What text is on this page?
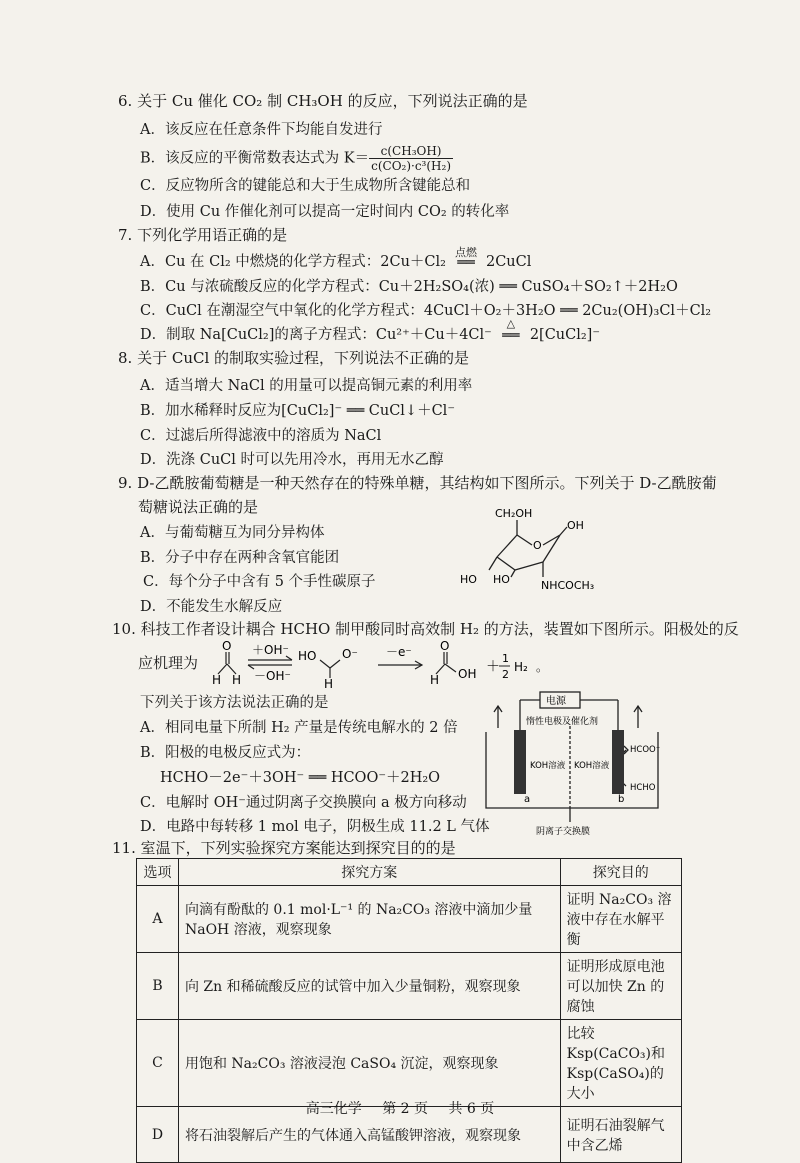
6. 关于 Cu 催化 CO₂ 制 CH₃OH 的反应，下列说法正确的是
A．该反应在任意条件下均能自发进行
B．该反应的平衡常数表达式为 $K= \frac{\text{c(CH₃OH)}}{\text{c(CO₂)·c³(H₂)}}$
C．反应物所含的键能总和大于生成物所含键能总和
D．使用 Cu 作催化剂可以提高一定时间内 CO₂ 的转化率
7. 下列化学用语正确的是
A．Cu 在 Cl₂ 中燃烧的化学方程式：2Cu＋Cl₂
点燃
══ 2CuCl
B．Cu 与浓硫酸反应的化学方程式：Cu＋2H₂SO₄(浓) ══ CuSO₄＋SO₂↑＋2H₂O
C．CuCl 在潮湿空气中氧化的化学方程式：4CuCl＋O₂＋3H₂O ══ 2Cu₂(OH)₃Cl＋Cl₂
D．制取 Na[CuCl₂]的离子方程式：Cu²⁺＋Cu＋4Cl⁻
△
══ 2[CuCl₂]⁻
8. 关于 CuCl 的制取实验过程，下列说法不正确的是
A．适当增大 NaCl 的用量可以提高铜元素的利用率
B．加水稀释时反应为[CuCl₂]⁻ ══ CuCl↓＋Cl⁻
C．过滤后所得滤液中的溶质为 NaCl
D．洗涤 CuCl 时可以先用冷水，再用无水乙醇
9. D-乙酰胺葡萄糖是一种天然存在的特殊单糖，其结构如下图所示。下列关于 D-乙酰胺葡
萄糖说法正确的是
A．与葡萄糖互为同分异构体
B．分子中存在两种含氧官能团
C．每个分子中含有 5 个手性碳原子
D．不能发生水解反应
CH₂OH
OH
O
HO HO	NHCOCH₃
10. 科技工作者设计耦合 HCHO 制甲酸同时高效制 H₂ 的方法，装置如下图所示。阳极处的反
应机理为
O
H H
＋OH⁻
－OH⁻
HO O⁻
H
－e⁻ O
H OH ＋
1
2
H₂ 。
下列关于该方法说法正确的是
A．相同电量下所制 H₂ 产量是传统电解水的 2 倍
B．阳极的电极反应式为：
HCHO－2e⁻＋3OH⁻ ══ HCOO⁻＋2H₂O
C．电解时 OH⁻通过阴离子交换膜向 a 极方向移动
D．电路中每转移 1 mol 电子，阴极生成 11.2 L 气体
电源
惰性电极及催化剂
KOH溶液 KOH溶液
a	b
HCOO⁻
HCHO
阴离子交换膜
11. 室温下，下列实验探究方案能达到探究目的的是
选项	探究方案	探究目的
A	向滴有酚酞的 0.1 mol·L⁻¹ 的 Na₂CO₃ 溶液中滴加少量 NaOH 溶液，观察现象	证明 Na₂CO₃ 溶液中存在水解平衡
B	向 Zn 和稀硫酸反应的试管中加入少量铜粉，观察现象	证明形成原电池可以加快 Zn 的腐蚀
C	用饱和 Na₂CO₃ 溶液浸泡 CaSO₄ 沉淀，观察现象	比较 Ksp(CaCO₃)和 Ksp(CaSO₄)的大小
D	将石油裂解后产生的气体通入高锰酸钾溶液，观察现象	证明石油裂解气中含乙烯
高三化学 第 2 页 共 6 页
